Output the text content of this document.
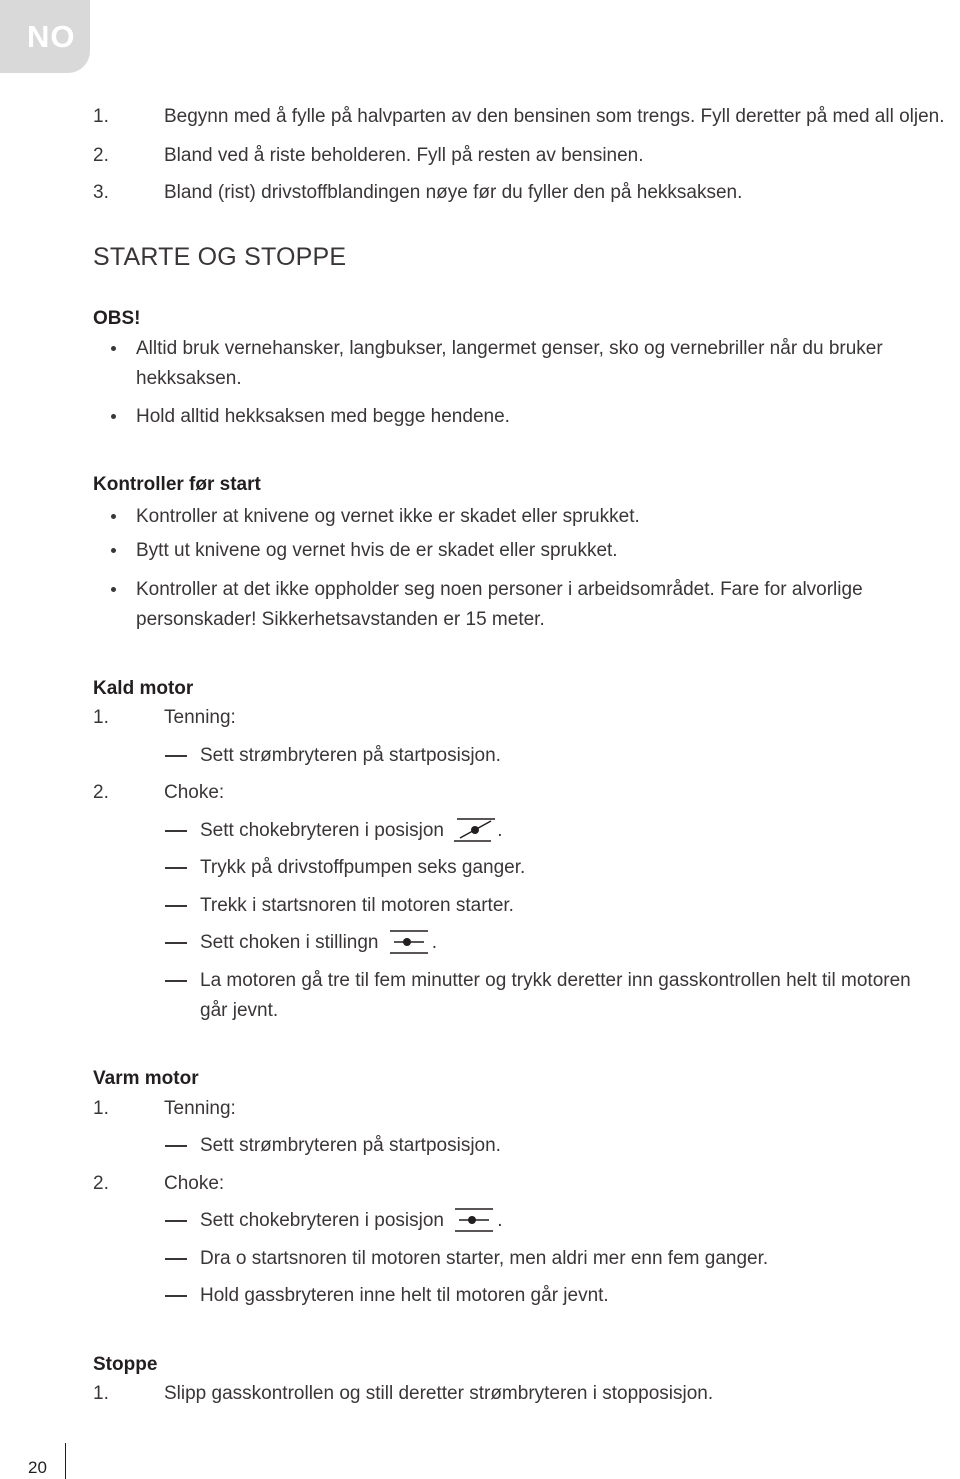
NO
1.	Begynn med å fylle på halvparten av den bensinen som trengs. Fyll deretter på med all oljen.
2.	Bland ved å riste beholderen. Fyll på resten av bensinen.
3.	Bland (rist) drivstoffblandingen nøye før du fyller den på hekksaksen.
STARTE OG STOPPE
OBS!
Alltid bruk vernehansker, langbukser, langermet genser, sko og vernebriller når du bruker
hekksaksen.
Hold alltid hekksaksen med begge hendene.
Kontroller før start
Kontroller at knivene og vernet ikke er skadet eller sprukket.
Bytt ut knivene og vernet hvis de er skadet eller sprukket.
Kontroller at det ikke oppholder seg noen personer i arbeidsområdet. Fare for alvorlige
personskader! Sikkerhetsavstanden er 15 meter.
Kald motor
1.	Tenning:
Sett strømbryteren på startposisjon.
2.	Choke:
Sett chokebryteren i posisjon	.
Trykk på drivstoffpumpen seks ganger.
Trekk i startsnoren til motoren starter.
Sett choken i stillingn	.
La motoren gå tre til fem minutter og trykk deretter inn gasskontrollen helt til motoren
går jevnt.
Varm motor
1.	Tenning:
Sett strømbryteren på startposisjon.
2.	Choke:
Sett chokebryteren i posisjon	.
Dra o startsnoren til motoren starter, men aldri mer enn fem ganger.
Hold gassbryteren inne helt til motoren går jevnt.
Stoppe
1.	Slipp gasskontrollen og still deretter strømbryteren i stopposisjon.
20
